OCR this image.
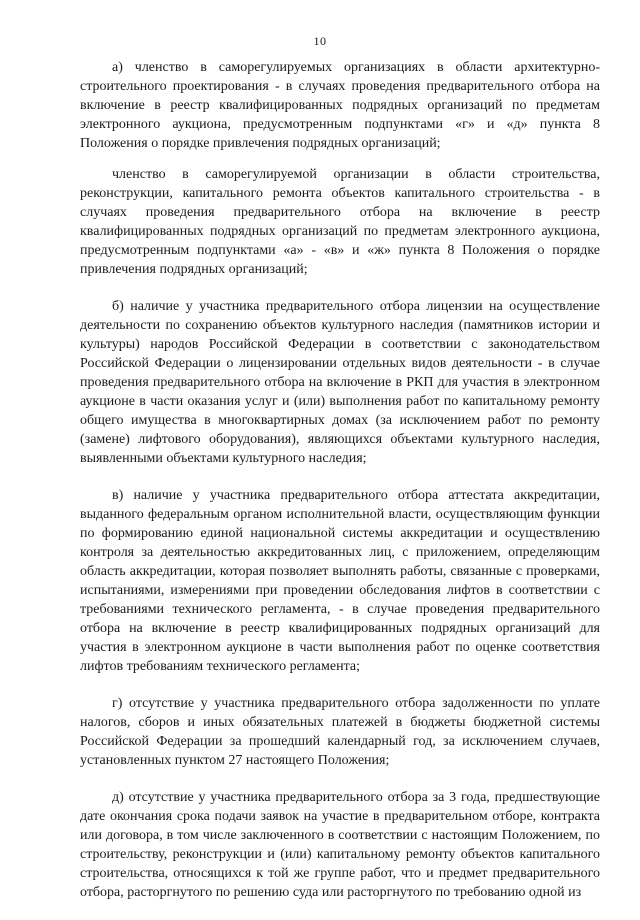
10

а) членство в саморегулируемых организациях в области архитектурно-строительного проектирования - в случаях проведения предварительного отбора на включение в реестр квалифицированных подрядных организаций по предметам электронного аукциона, предусмотренным подпунктами «г» и «д» пункта 8 Положения о порядке привлечения подрядных организаций;

членство в саморегулируемой организации в области строительства, реконструкции, капитального ремонта объектов капитального строительства - в случаях проведения предварительного отбора на включение в реестр квалифицированных подрядных организаций по предметам электронного аукциона, предусмотренным подпунктами «а» - «в» и «ж» пункта 8 Положения о порядке привлечения подрядных организаций;

б) наличие у участника предварительного отбора лицензии на осуществление деятельности по сохранению объектов культурного наследия (памятников истории и культуры) народов Российской Федерации в соответствии с законодательством Российской Федерации о лицензировании отдельных видов деятельности - в случае проведения предварительного отбора на включение в РКП для участия в электронном аукционе в части оказания услуг и (или) выполнения работ по капитальному ремонту общего имущества в многоквартирных домах (за исключением работ по ремонту (замене) лифтового оборудования), являющихся объектами культурного наследия, выявленными объектами культурного наследия;

в) наличие у участника предварительного отбора аттестата аккредитации, выданного федеральным органом исполнительной власти, осуществляющим функции по формированию единой национальной системы аккредитации и осуществлению контроля за деятельностью аккредитованных лиц, с приложением, определяющим область аккредитации, которая позволяет выполнять работы, связанные с проверками, испытаниями, измерениями при проведении обследования лифтов в соответствии с требованиями технического регламента, - в случае проведения предварительного отбора на включение в реестр квалифицированных подрядных организаций для участия в электронном аукционе в части выполнения работ по оценке соответствия лифтов требованиям технического регламента;

г) отсутствие у участника предварительного отбора задолженности по уплате налогов, сборов и иных обязательных платежей в бюджеты бюджетной системы Российской Федерации за прошедший календарный год, за исключением случаев, установленных пунктом 27 настоящего Положения;

д) отсутствие у участника предварительного отбора за 3 года, предшествующие дате окончания срока подачи заявок на участие в предварительном отборе, контракта или договора, в том числе заключенного в соответствии с настоящим Положением, по строительству, реконструкции и (или) капитальному ремонту объектов капитального строительства, относящихся к той же группе работ, что и предмет предварительного отбора, расторгнутого по решению суда или расторгнутого по требованию одной из
